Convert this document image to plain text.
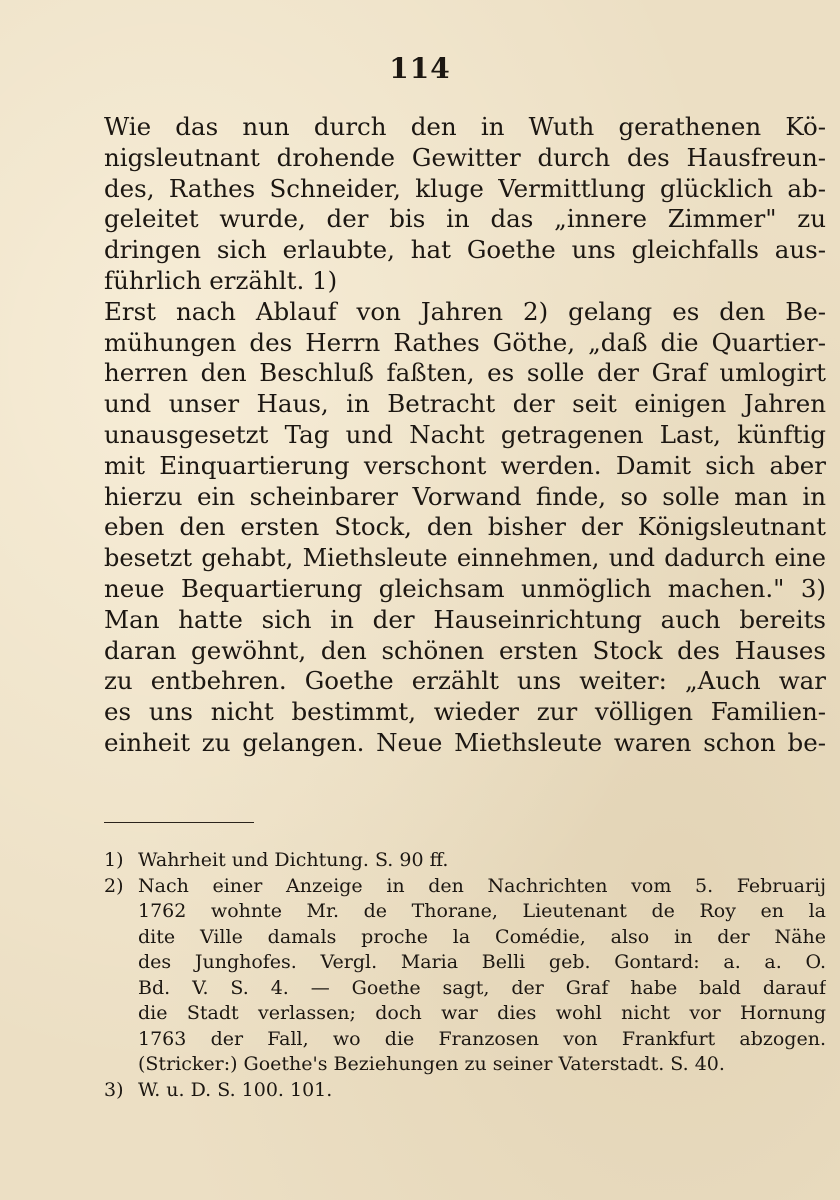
114
Wie das nun durch den in Wuth gerathenen Kö-
nigsleutnant drohende Gewitter durch des Hausfreun-
des, Rathes Schneider, kluge Vermittlung glücklich ab-
geleitet wurde, der bis in das „innere Zimmer" zu
dringen sich erlaubte, hat Goethe uns gleichfalls aus-
führlich erzählt. 1)
Erst nach Ablauf von Jahren 2) gelang es den Be-
mühungen des Herrn Rathes Göthe, „daß die Quartier-
herren den Beschluß faßten, es solle der Graf umlogirt
und unser Haus, in Betracht der seit einigen Jahren
unausgesetzt Tag und Nacht getragenen Last, künftig
mit Einquartierung verschont werden. Damit sich aber
hierzu ein scheinbarer Vorwand finde, so solle man in
eben den ersten Stock, den bisher der Königsleutnant
besetzt gehabt, Miethsleute einnehmen, und dadurch eine
neue Bequartierung gleichsam unmöglich machen." 3)
Man hatte sich in der Hauseinrichtung auch bereits
daran gewöhnt, den schönen ersten Stock des Hauses
zu entbehren. Goethe erzählt uns weiter: „Auch war
es uns nicht bestimmt, wieder zur völligen Familien-
einheit zu gelangen. Neue Miethsleute waren schon be-
1) Wahrheit und Dichtung. S. 90 ff.
2) Nach einer Anzeige in den Nachrichten vom 5. Februarij
1762 wohnte Mr. de Thorane, Lieutenant de Roy en la
dite Ville damals proche la Comédie, also in der Nähe
des Junghofes. Vergl. Maria Belli geb. Gontard: a. a. O.
Bd. V. S. 4. — Goethe sagt, der Graf habe bald darauf
die Stadt verlassen; doch war dies wohl nicht vor Hornung
1763 der Fall, wo die Franzosen von Frankfurt abzogen.
(Stricker:) Goethe's Beziehungen zu seiner Vaterstadt. S. 40.
3) W. u. D. S. 100. 101.
